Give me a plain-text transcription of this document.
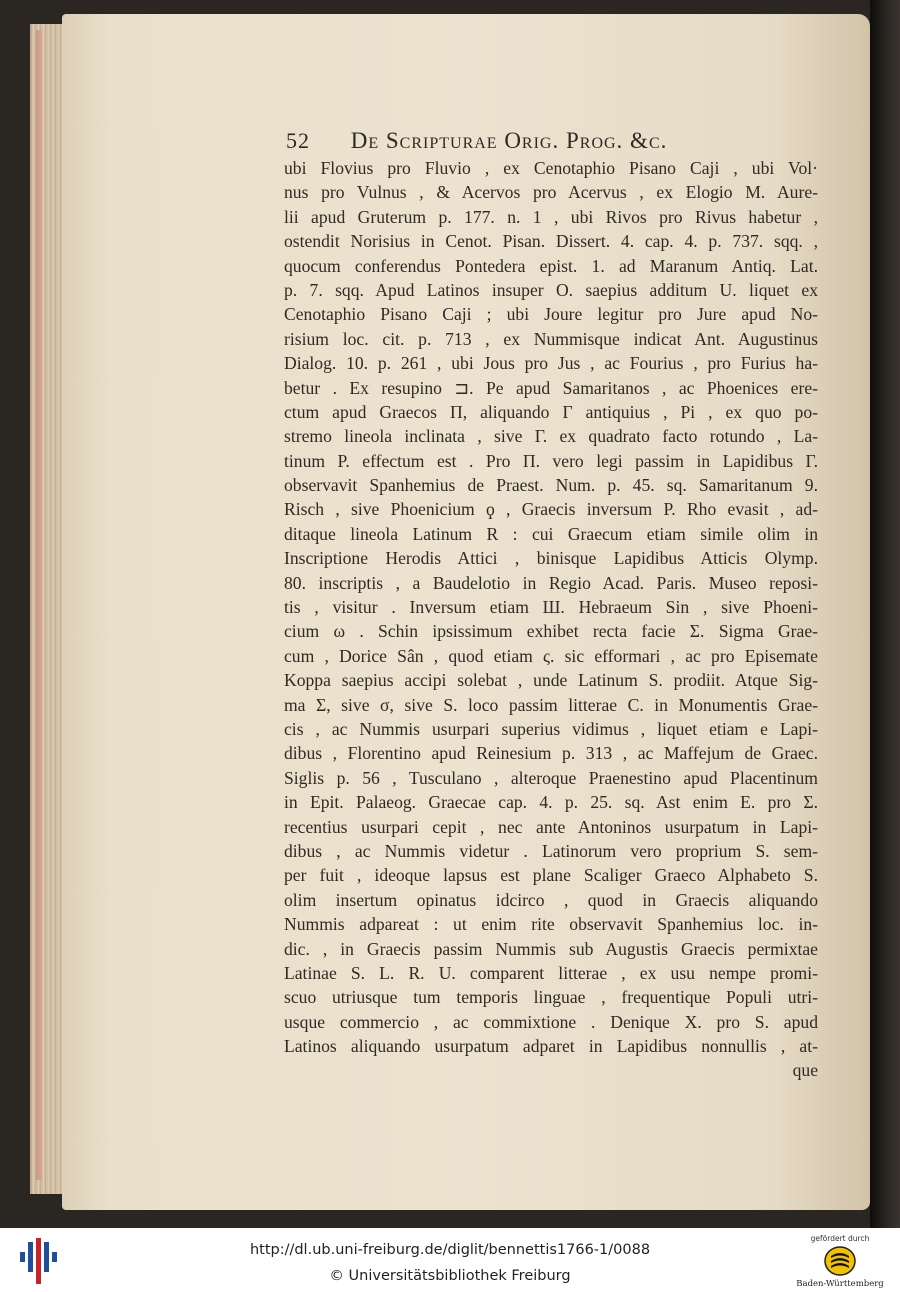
52 De Scripturae Orig. Prog. &c.
ubi Flovius pro Fluvio , ex Cenotaphio Pisano Caji , ubi Vol·
nus pro Vulnus , & Acervos pro Acervus , ex Elogio M. Aure-
lii apud Gruterum p. 177. n. 1 , ubi Rivos pro Rivus habetur ,
ostendit Norisius in Cenot. Pisan. Dissert. 4. cap. 4. p. 737. sqq. ,
quocum conferendus Pontedera epist. 1. ad Maranum Antiq. Lat.
p. 7. sqq. Apud Latinos insuper O. saepius additum U. liquet ex
Cenotaphio Pisano Caji ; ubi Joure legitur pro Jure apud No-
risium loc. cit. p. 713 , ex Nummisque indicat Ant. Augustinus
Dialog. 10. p. 261 , ubi Jous pro Jus , ac Fourius , pro Furius ha-
betur . Ex resupino ⊐. Pe apud Samaritanos , ac Phoenices ere-
ctum apud Graecos Π, aliquando Γ antiquius , Pi , ex quo po-
stremo lineola inclinata , sive Γ. ex quadrato facto rotundo , La-
tinum P. effectum est . Pro Π. vero legi passim in Lapidibus Γ.
observavit Spanhemius de Praest. Num. p. 45. sq. Samaritanum 9.
Risch , sive Phoenicium ϙ , Graecis inversum P. Rho evasit , ad-
ditaque lineola Latinum R : cui Graecum etiam simile olim in
Inscriptione Herodis Attici , binisque Lapidibus Atticis Olymp.
80. inscriptis , a Baudelotio in Regio Acad. Paris. Museo reposi-
tis , visitur . Inversum etiam Ш. Hebraeum Sin , sive Phoeni-
cium ω . Schin ipsissimum exhibet recta facie Σ. Sigma Grae-
cum , Dorice Sân , quod etiam ς. sic efformari , ac pro Episemate
Koppa saepius accipi solebat , unde Latinum S. prodiit. Atque Sig-
ma Σ, sive σ, sive S. loco passim litterae C. in Monumentis Grae-
cis , ac Nummis usurpari superius vidimus , liquet etiam e Lapi-
dibus , Florentino apud Reinesium p. 313 , ac Maffejum de Graec.
Siglis p. 56 , Tusculano , alteroque Praenestino apud Placentinum
in Epit. Palaeog. Graecae cap. 4. p. 25. sq. Ast enim Ε. pro Σ.
recentius usurpari cepit , nec ante Antoninos usurpatum in Lapi-
dibus , ac Nummis videtur . Latinorum vero proprium S. sem-
per fuit , ideoque lapsus est plane Scaliger Graeco Alphabeto S.
olim insertum opinatus idcirco , quod in Graecis aliquando
Nummis adpareat : ut enim rite observavit Spanhemius loc. in-
dic. , in Graecis passim Nummis sub Augustis Graecis permixtae
Latinae S. L. R. U. comparent litterae , ex usu nempe promi-
scuo utriusque tum temporis linguae , frequentique Populi utri-
usque commercio , ac commixtione . Denique X. pro S. apud
Latinos aliquando usurpatum adparet in Lapidibus nonnullis , at-
que
http://dl.ub.uni-freiburg.de/diglit/bennettis1766-1/0088
© Universitätsbibliothek Freiburg
gefördert durch
Baden-Württemberg
